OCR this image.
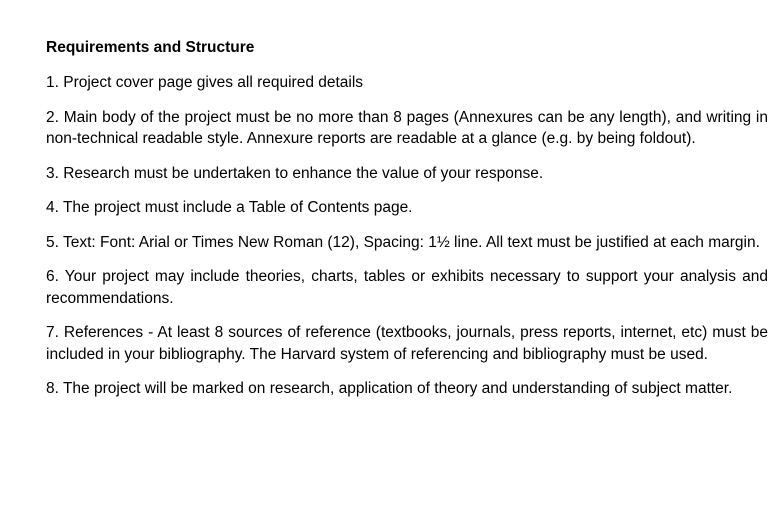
Requirements and Structure
1. Project cover page gives all required details
2. Main body of the project must be no more than 8 pages (Annexures can be any length), and writing in non-technical readable style. Annexure reports are readable at a glance (e.g. by being foldout).
3. Research must be undertaken to enhance the value of your response.
4. The project must include a Table of Contents page.
5. Text: Font: Arial or Times New Roman (12), Spacing: 1½ line. All text must be justified at each margin.
6. Your project may include theories, charts, tables or exhibits necessary to support your analysis and recommendations.
7. References - At least 8 sources of reference (textbooks, journals, press reports, internet, etc) must be included in your bibliography. The Harvard system of referencing and bibliography must be used.
8. The project will be marked on research, application of theory and understanding of subject matter.
